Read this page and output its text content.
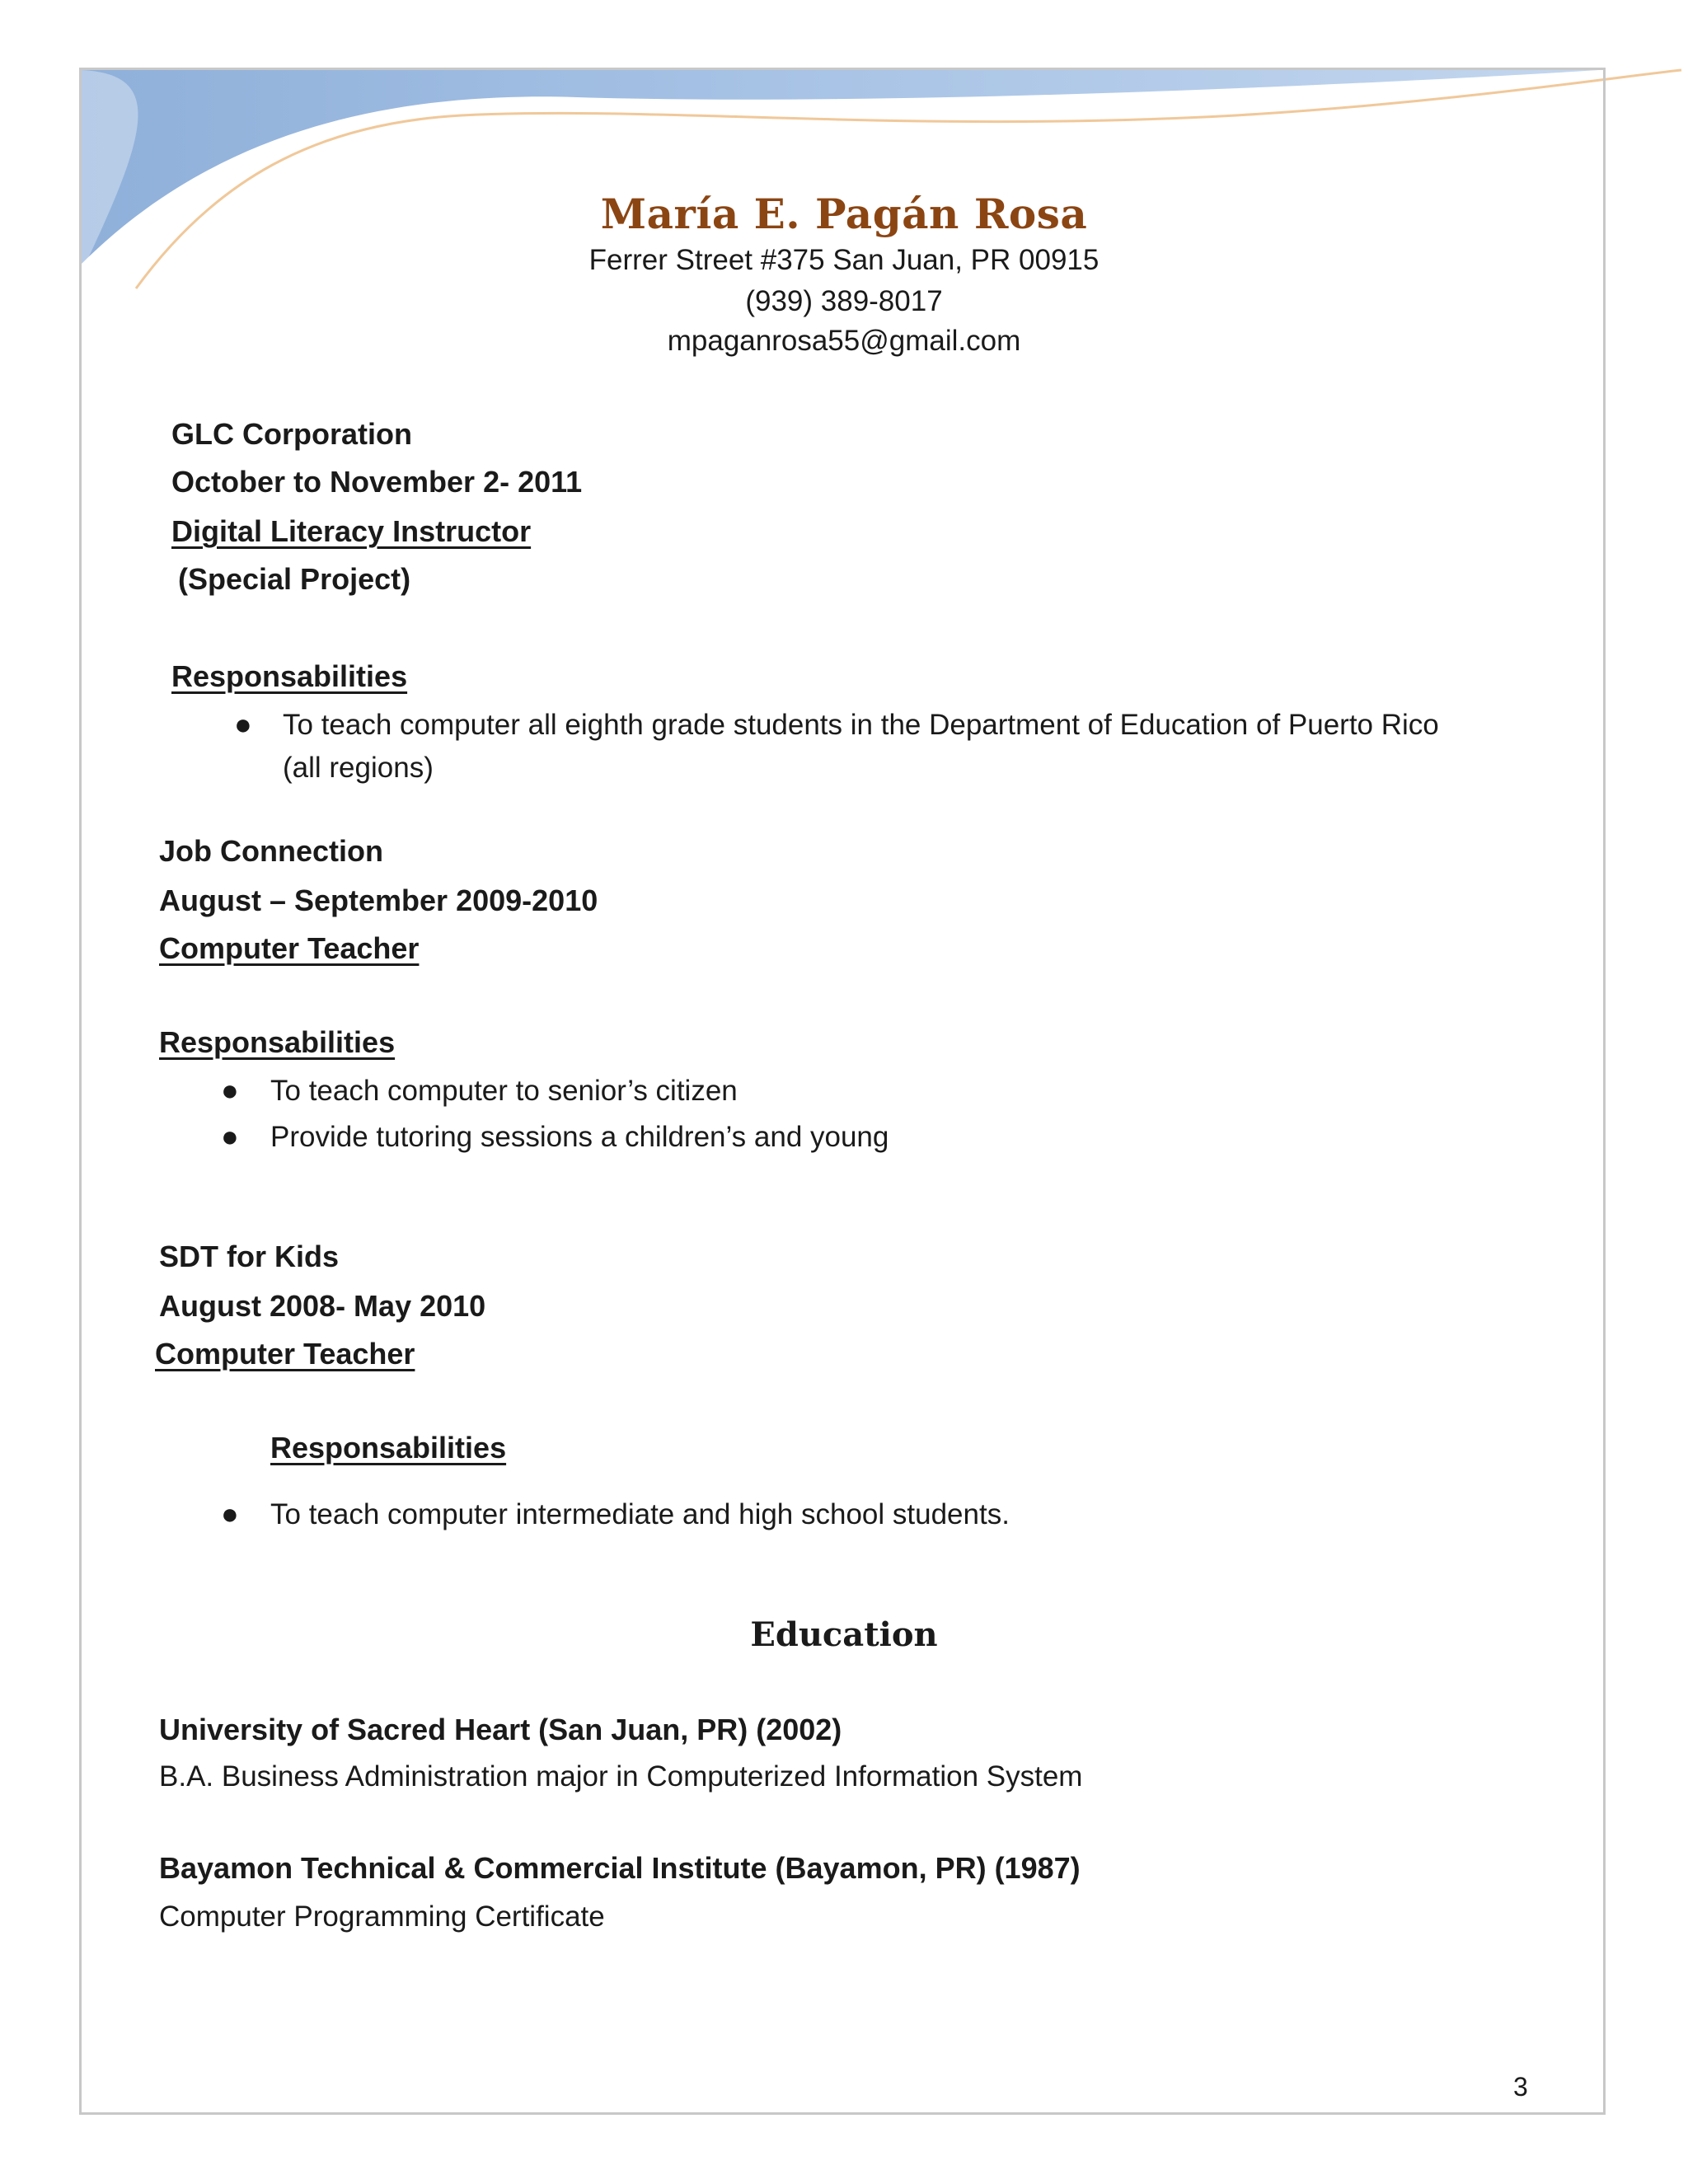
María E. Pagán Rosa
Ferrer Street #375 San Juan, PR 00915
(939) 389-8017
mpaganrosa55@gmail.com
GLC Corporation
October to November 2- 2011
Digital Literacy Instructor
(Special Project)
Responsabilities
● To teach computer all eighth grade students in the Department of Education of Puerto Rico
(all regions)
Job Connection
August – September 2009-2010
Computer Teacher
Responsabilities
● To teach computer to senior’s citizen
● Provide tutoring sessions a children’s and young
SDT for Kids
August 2008- May 2010
Computer Teacher
Responsabilities
● To teach computer intermediate and high school students.
Education
University of Sacred Heart (San Juan, PR) (2002)
B.A. Business Administration major in Computerized Information System
Bayamon Technical & Commercial Institute (Bayamon, PR) (1987)
Computer Programming Certificate
3
